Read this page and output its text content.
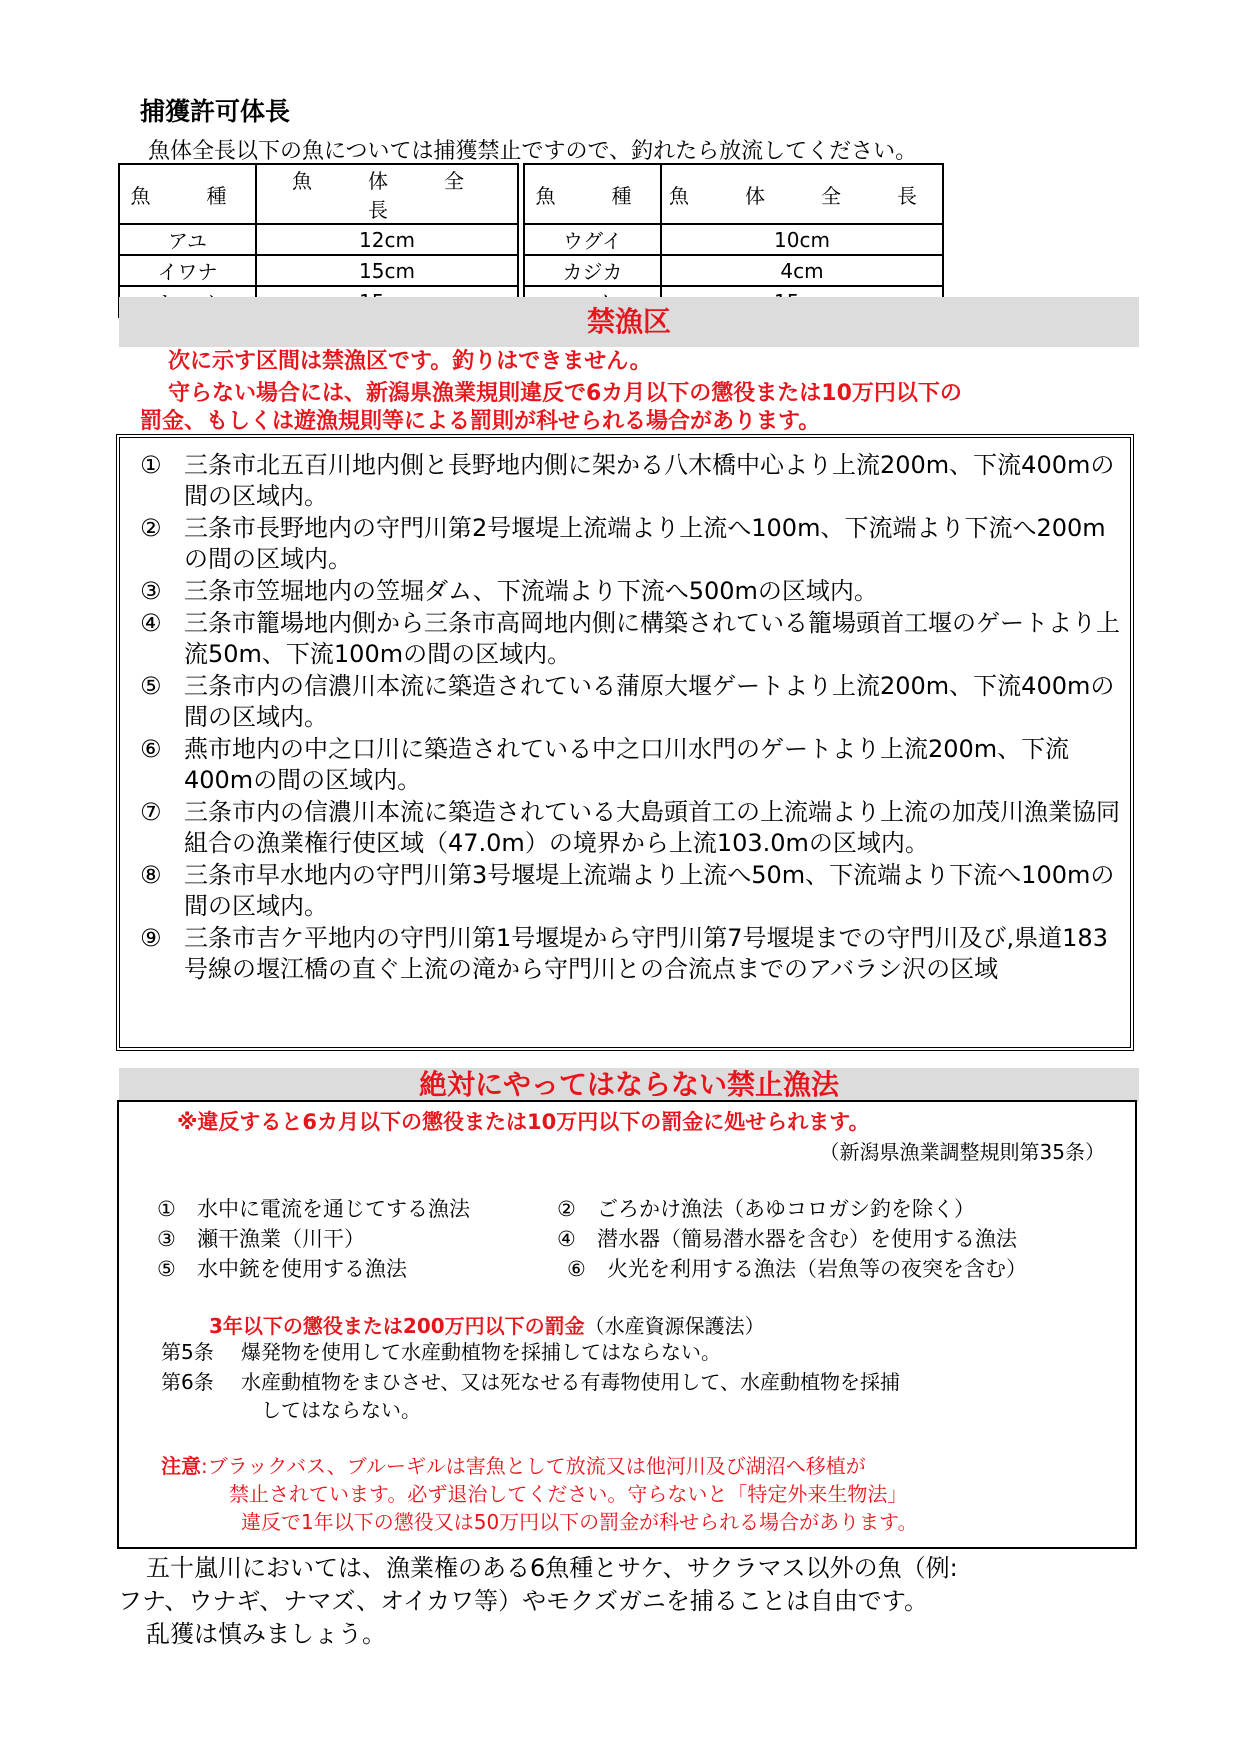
捕獲許可体長
魚体全長以下の魚については捕獲禁止ですので、釣れたら放流してください。
魚　種	魚　体　全　長		魚　種	魚　体　全　長
アユ	12cm		ウグイ	10cm
イワナ	15cm		カジカ	4cm

禁漁区
次に示す区間は禁漁区です。釣りはできません。
守らない場合には、新潟県漁業規則違反で6カ月以下の懲役または10万円以下の
罰金、もしくは遊漁規則等による罰則が科せられる場合があります。
① 三条市北五百川地内側と長野地内側に架かる八木橋中心より上流200m、下流400mの間の区域内。
② 三条市長野地内の守門川第2号堰堤上流端より上流へ100m、下流端より下流へ200mの間の区域内。
③ 三条市笠堀地内の笠堀ダム、下流端より下流へ500mの区域内。
④ 三条市籠場地内側から三条市高岡地内側に構築されている籠場頭首工堰のゲートより上流50m、下流100mの間の区域内。
⑤ 三条市内の信濃川本流に築造されている蒲原大堰ゲートより上流200m、下流400mの間の区域内。
⑥ 燕市地内の中之口川に築造されている中之口川水門のゲートより上流200m、下流400mの間の区域内。
⑦ 三条市内の信濃川本流に築造されている大島頭首工の上流端より上流の加茂川漁業協同組合の漁業権行使区域（47.0m）の境界から上流103.0mの区域内。
⑧ 三条市早水地内の守門川第3号堰堤上流端より上流へ50m、下流端より下流へ100mの間の区域内。
⑨ 三条市吉ケ平地内の守門川第1号堰堤から守門川第7号堰堤までの守門川及び,県道183号線の堰江橋の直ぐ上流の滝から守門川との合流点までのアバラシ沢の区域
絶対にやってはならない禁止漁法
※違反すると6カ月以下の懲役または10万円以下の罰金に処せられます。
（新潟県漁業調整規則第35条）
①	水中に電流を通じてする漁法	②	ごろかけ漁法（あゆコロガシ釣を除く）
③	瀬干漁業（川干）	④	潜水器（簡易潜水器を含む）を使用する漁法
⑤	水中銃を使用する漁法	⑥	火光を利用する漁法（岩魚等の夜突を含む）
3年以下の懲役または200万円以下の罰金（水産資源保護法）
第5条 爆発物を使用して水産動植物を採捕してはならない。
第6条 水産動植物をまひさせ、又は死なせる有毒物使用して、水産動植物を採捕
してはならない。
注意:ブラックバス、ブルーギルは害魚として放流又は他河川及び湖沼へ移植が
禁止されています。必ず退治してください。守らないと「特定外来生物法」
違反で1年以下の懲役又は50万円以下の罰金が科せられる場合があります。
五十嵐川においては、漁業権のある6魚種とサケ、サクラマス以外の魚（例:
フナ、ウナギ、ナマズ、オイカワ等）やモクズガニを捕ることは自由です。
乱獲は慎みましょう。
